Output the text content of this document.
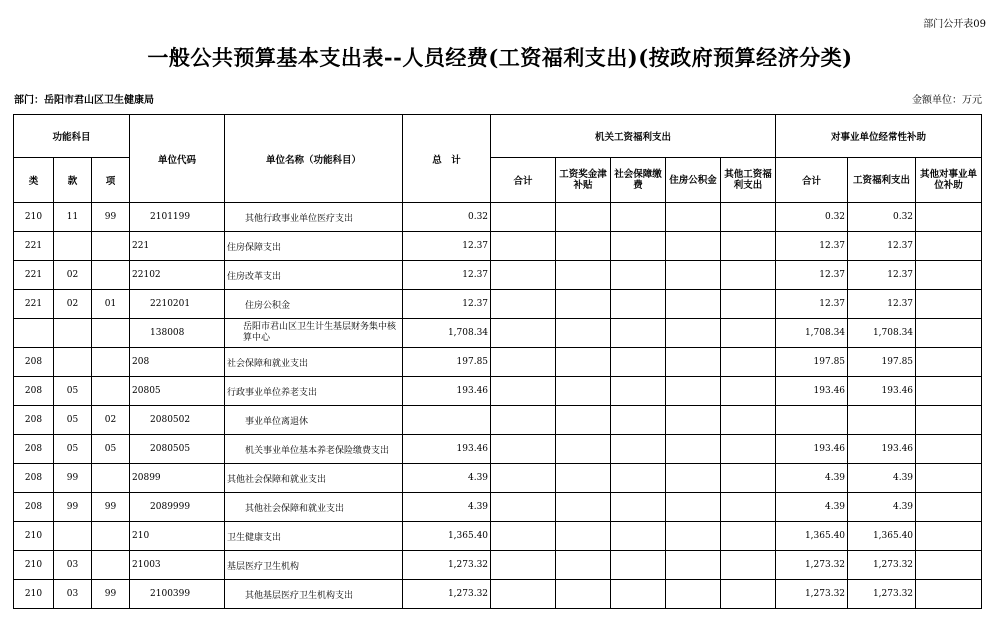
部门公开表09
一般公共预算基本支出表--人员经费(工资福利支出)(按政府预算经济分类)
部门：岳阳市君山区卫生健康局	金额单位：万元
功能科目			单位代码	单位名称（功能科目）	总　计	机关工资福利支出					对事业单位经常性补助		
类	款	项				合计	工资奖金津补贴	社会保障缴费	住房公积金	其他工资福利支出	合计	工资福利支出	其他对事业单位补助
210	11	99	2101199	其他行政事业单位医疗支出	0.32						0.32	0.32	
221			221	住房保障支出	12.37						12.37	12.37	
221	02		22102	住房改革支出	12.37						12.37	12.37	
221	02	01	2210201	住房公积金	12.37						12.37	12.37	
			138008	岳阳市君山区卫生计生基层财务集中核算中心	1,708.34						1,708.34	1,708.34	
208			208	社会保障和就业支出	197.85						197.85	197.85	
208	05		20805	行政事业单位养老支出	193.46						193.46	193.46	
208	05	02	2080502	事业单位离退休									
208	05	05	2080505	机关事业单位基本养老保险缴费支出	193.46						193.46	193.46	
208	99		20899	其他社会保障和就业支出	4.39						4.39	4.39	
208	99	99	2089999	其他社会保障和就业支出	4.39						4.39	4.39	
210			210	卫生健康支出	1,365.40						1,365.40	1,365.40	
210	03		21003	基层医疗卫生机构	1,273.32						1,273.32	1,273.32	
210	03	99	2100399	其他基层医疗卫生机构支出	1,273.32						1,273.32	1,273.32	
